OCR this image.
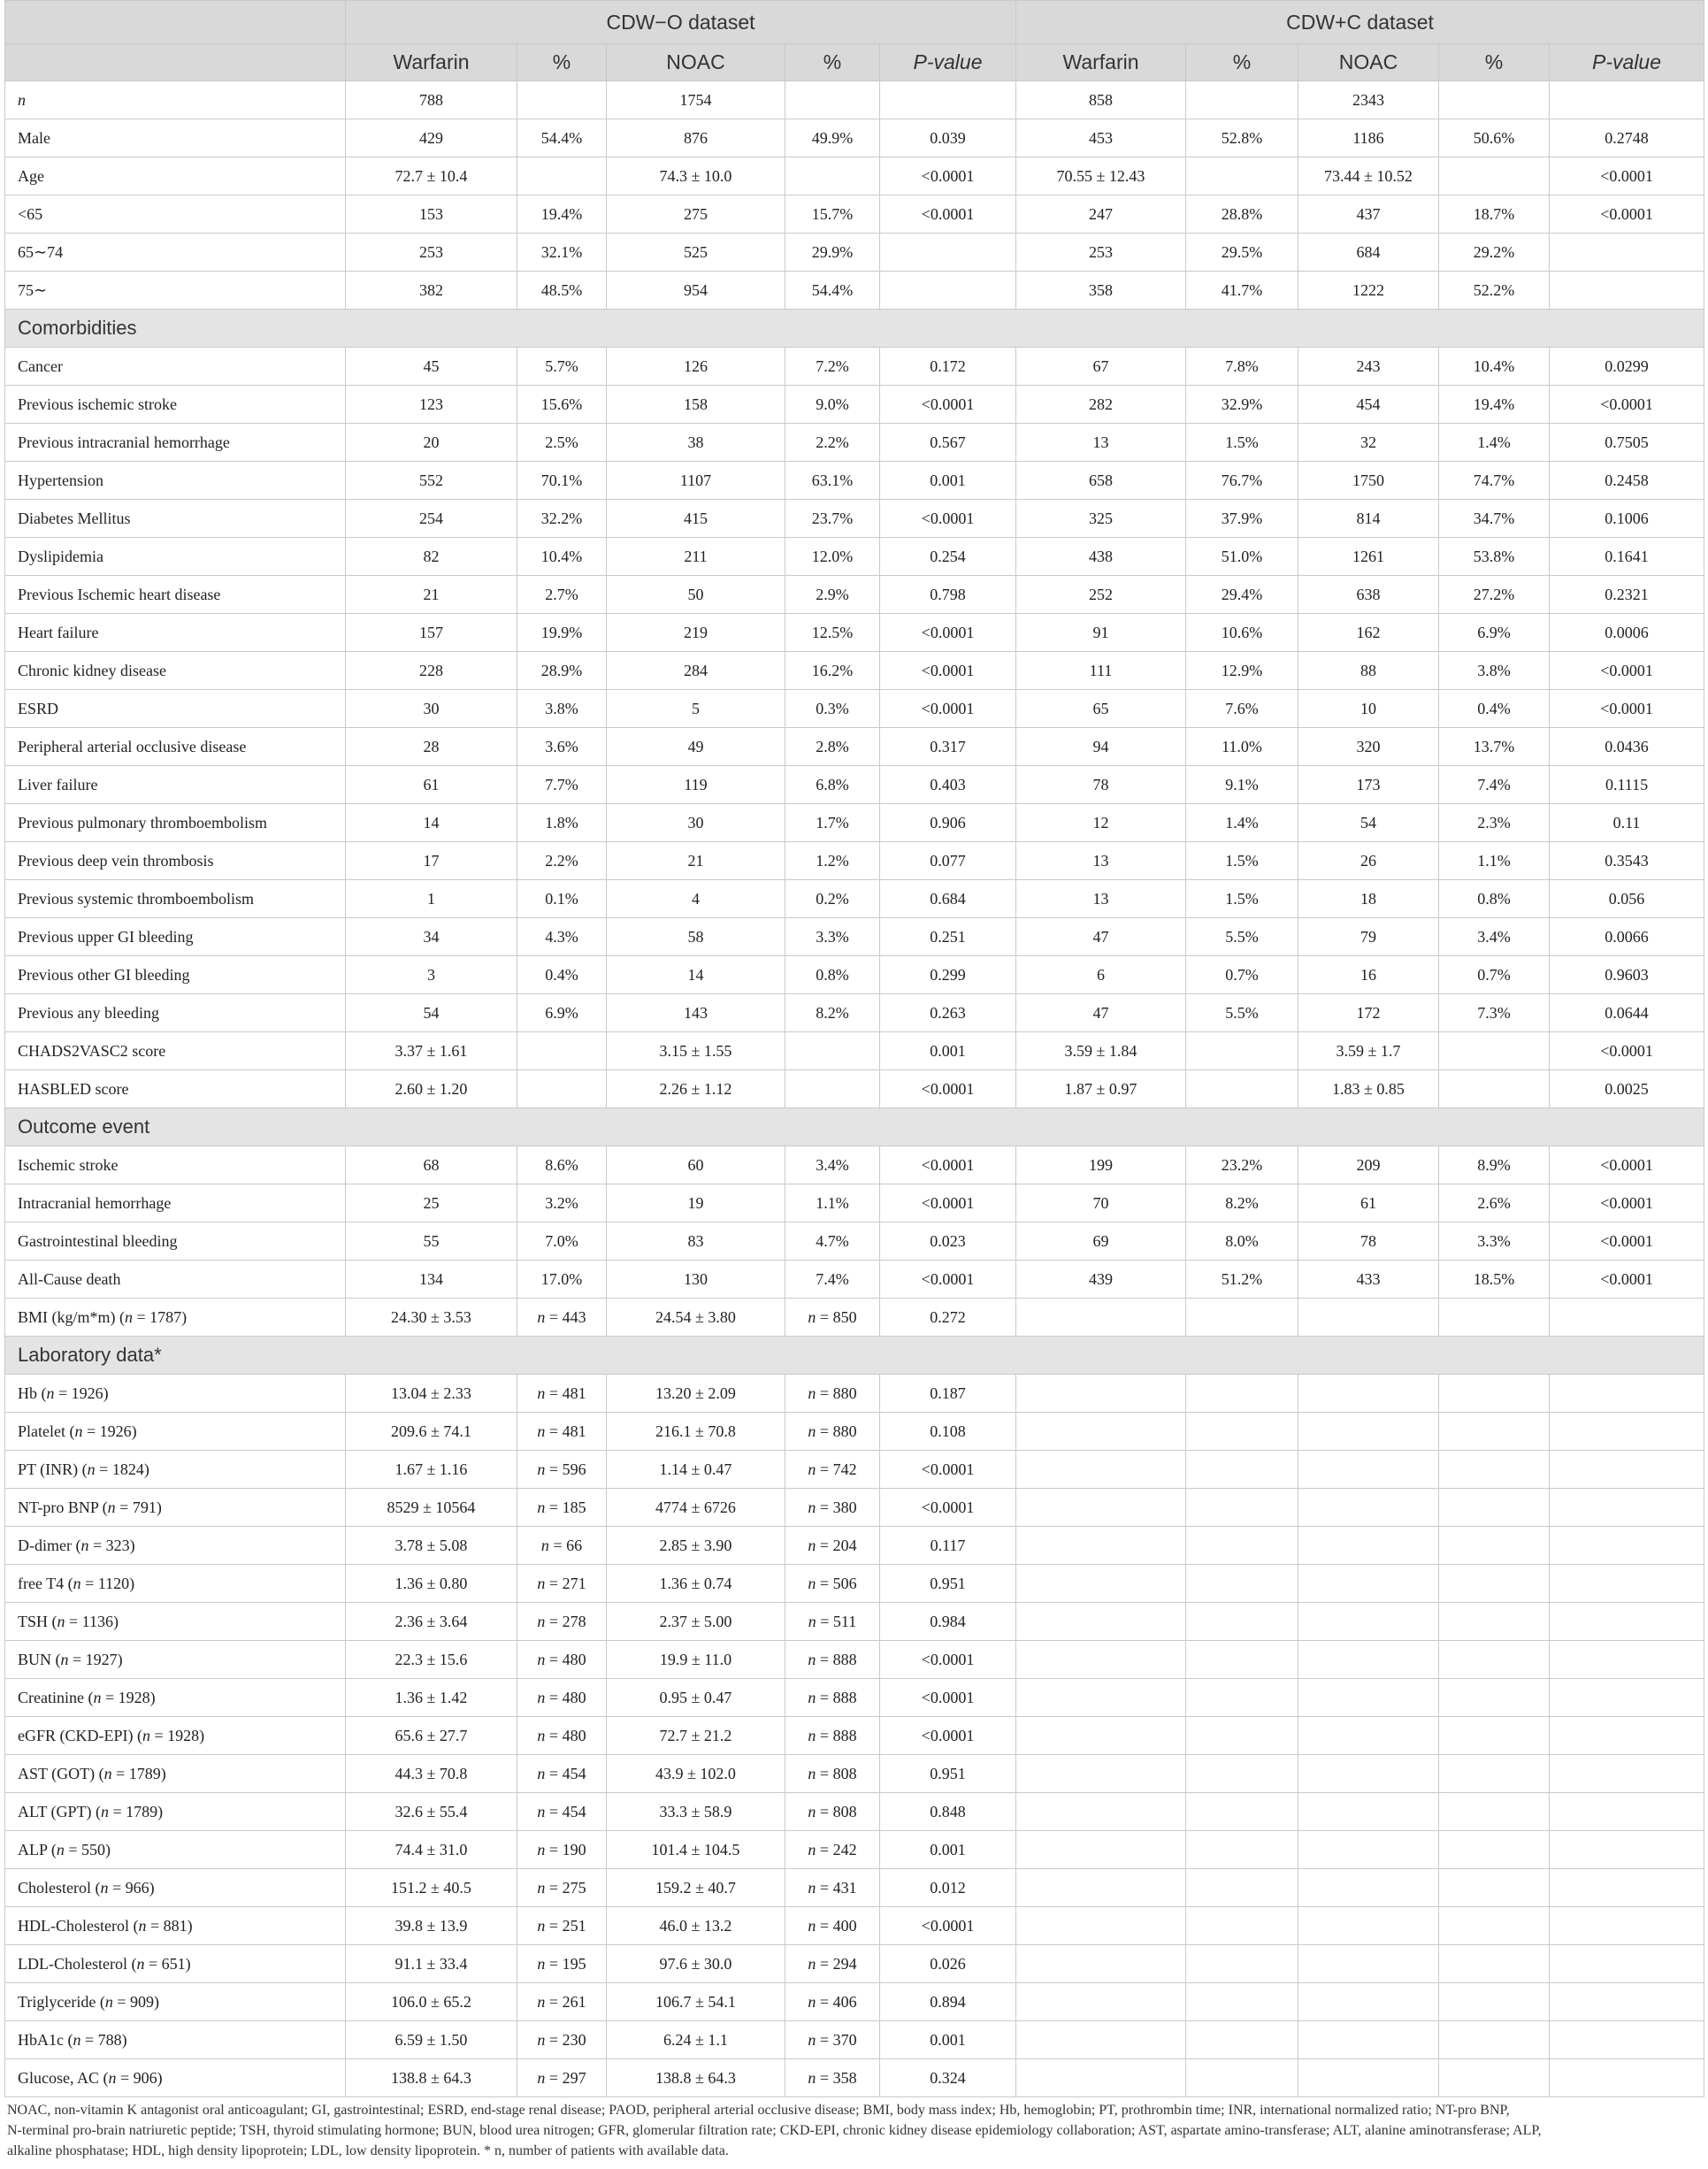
	CDW−O dataset					CDW+C dataset				
	Warfarin	%	NOAC	%	P-value	Warfarin	%	NOAC	%	P-value
n	788		1754			858		2343		
Male	429	54.4%	876	49.9%	0.039	453	52.8%	1186	50.6%	0.2748
Age	72.7 ± 10.4		74.3 ± 10.0		<0.0001	70.55 ± 12.43		73.44 ± 10.52		<0.0001
<65	153	19.4%	275	15.7%	<0.0001	247	28.8%	437	18.7%	<0.0001
65∼74	253	32.1%	525	29.9%		253	29.5%	684	29.2%	
75∼	382	48.5%	954	54.4%		358	41.7%	1222	52.2%	
Comorbidities										
Cancer	45	5.7%	126	7.2%	0.172	67	7.8%	243	10.4%	0.0299
Previous ischemic stroke	123	15.6%	158	9.0%	<0.0001	282	32.9%	454	19.4%	<0.0001
Previous intracranial hemorrhage	20	2.5%	38	2.2%	0.567	13	1.5%	32	1.4%	0.7505
Hypertension	552	70.1%	1107	63.1%	0.001	658	76.7%	1750	74.7%	0.2458
Diabetes Mellitus	254	32.2%	415	23.7%	<0.0001	325	37.9%	814	34.7%	0.1006
Dyslipidemia	82	10.4%	211	12.0%	0.254	438	51.0%	1261	53.8%	0.1641
Previous Ischemic heart disease	21	2.7%	50	2.9%	0.798	252	29.4%	638	27.2%	0.2321
Heart failure	157	19.9%	219	12.5%	<0.0001	91	10.6%	162	6.9%	0.0006
Chronic kidney disease	228	28.9%	284	16.2%	<0.0001	111	12.9%	88	3.8%	<0.0001
ESRD	30	3.8%	5	0.3%	<0.0001	65	7.6%	10	0.4%	<0.0001
Peripheral arterial occlusive disease	28	3.6%	49	2.8%	0.317	94	11.0%	320	13.7%	0.0436
Liver failure	61	7.7%	119	6.8%	0.403	78	9.1%	173	7.4%	0.1115
Previous pulmonary thromboembolism	14	1.8%	30	1.7%	0.906	12	1.4%	54	2.3%	0.11
Previous deep vein thrombosis	17	2.2%	21	1.2%	0.077	13	1.5%	26	1.1%	0.3543
Previous systemic thromboembolism	1	0.1%	4	0.2%	0.684	13	1.5%	18	0.8%	0.056
Previous upper GI bleeding	34	4.3%	58	3.3%	0.251	47	5.5%	79	3.4%	0.0066
Previous other GI bleeding	3	0.4%	14	0.8%	0.299	6	0.7%	16	0.7%	0.9603
Previous any bleeding	54	6.9%	143	8.2%	0.263	47	5.5%	172	7.3%	0.0644
CHADS2VASC2 score	3.37 ± 1.61		3.15 ± 1.55		0.001	3.59 ± 1.84		3.59 ± 1.7		<0.0001
HASBLED score	2.60 ± 1.20		2.26 ± 1.12		<0.0001	1.87 ± 0.97		1.83 ± 0.85		0.0025
Outcome event										
Ischemic stroke	68	8.6%	60	3.4%	<0.0001	199	23.2%	209	8.9%	<0.0001
Intracranial hemorrhage	25	3.2%	19	1.1%	<0.0001	70	8.2%	61	2.6%	<0.0001
Gastrointestinal bleeding	55	7.0%	83	4.7%	0.023	69	8.0%	78	3.3%	<0.0001
All-Cause death	134	17.0%	130	7.4%	<0.0001	439	51.2%	433	18.5%	<0.0001
BMI (kg/m*m) (n = 1787)	24.30 ± 3.53	n = 443	24.54 ± 3.80	n = 850	0.272					
Laboratory data*										
Hb (n = 1926)	13.04 ± 2.33	n = 481	13.20 ± 2.09	n = 880	0.187					
Platelet (n = 1926)	209.6 ± 74.1	n = 481	216.1 ± 70.8	n = 880	0.108					
PT (INR) (n = 1824)	1.67 ± 1.16	n = 596	1.14 ± 0.47	n = 742	<0.0001					
NT-pro BNP (n = 791)	8529 ± 10564	n = 185	4774 ± 6726	n = 380	<0.0001					
D-dimer (n = 323)	3.78 ± 5.08	n = 66	2.85 ± 3.90	n = 204	0.117					
free T4 (n = 1120)	1.36 ± 0.80	n = 271	1.36 ± 0.74	n = 506	0.951					
TSH (n = 1136)	2.36 ± 3.64	n = 278	2.37 ± 5.00	n = 511	0.984					
BUN (n = 1927)	22.3 ± 15.6	n = 480	19.9 ± 11.0	n = 888	<0.0001					
Creatinine (n = 1928)	1.36 ± 1.42	n = 480	0.95 ± 0.47	n = 888	<0.0001					
eGFR (CKD-EPI) (n = 1928)	65.6 ± 27.7	n = 480	72.7 ± 21.2	n = 888	<0.0001					
AST (GOT) (n = 1789)	44.3 ± 70.8	n = 454	43.9 ± 102.0	n = 808	0.951					
ALT (GPT) (n = 1789)	32.6 ± 55.4	n = 454	33.3 ± 58.9	n = 808	0.848					
ALP (n = 550)	74.4 ± 31.0	n = 190	101.4 ± 104.5	n = 242	0.001					
Cholesterol (n = 966)	151.2 ± 40.5	n = 275	159.2 ± 40.7	n = 431	0.012					
HDL-Cholesterol (n = 881)	39.8 ± 13.9	n = 251	46.0 ± 13.2	n = 400	<0.0001					
LDL-Cholesterol (n = 651)	91.1 ± 33.4	n = 195	97.6 ± 30.0	n = 294	0.026					
Triglyceride (n = 909)	106.0 ± 65.2	n = 261	106.7 ± 54.1	n = 406	0.894					
HbA1c (n = 788)	6.59 ± 1.50	n = 230	6.24 ± 1.1	n = 370	0.001					
Glucose, AC (n = 906)	138.8 ± 64.3	n = 297	138.8 ± 64.3	n = 358	0.324					
NOAC, non-vitamin K antagonist oral anticoagulant; GI, gastrointestinal; ESRD, end-stage renal disease; PAOD, peripheral arterial occlusive disease; BMI, body mass index; Hb, hemoglobin; PT, prothrombin time; INR, international normalized ratio; NT-pro BNP,
N-terminal pro-brain natriuretic peptide; TSH, thyroid stimulating hormone; BUN, blood urea nitrogen; GFR, glomerular filtration rate; CKD-EPI, chronic kidney disease epidemiology collaboration; AST, aspartate amino-transferase; ALT, alanine aminotransferase; ALP,
alkaline phosphatase; HDL, high density lipoprotein; LDL, low density lipoprotein. * n, number of patients with available data.
